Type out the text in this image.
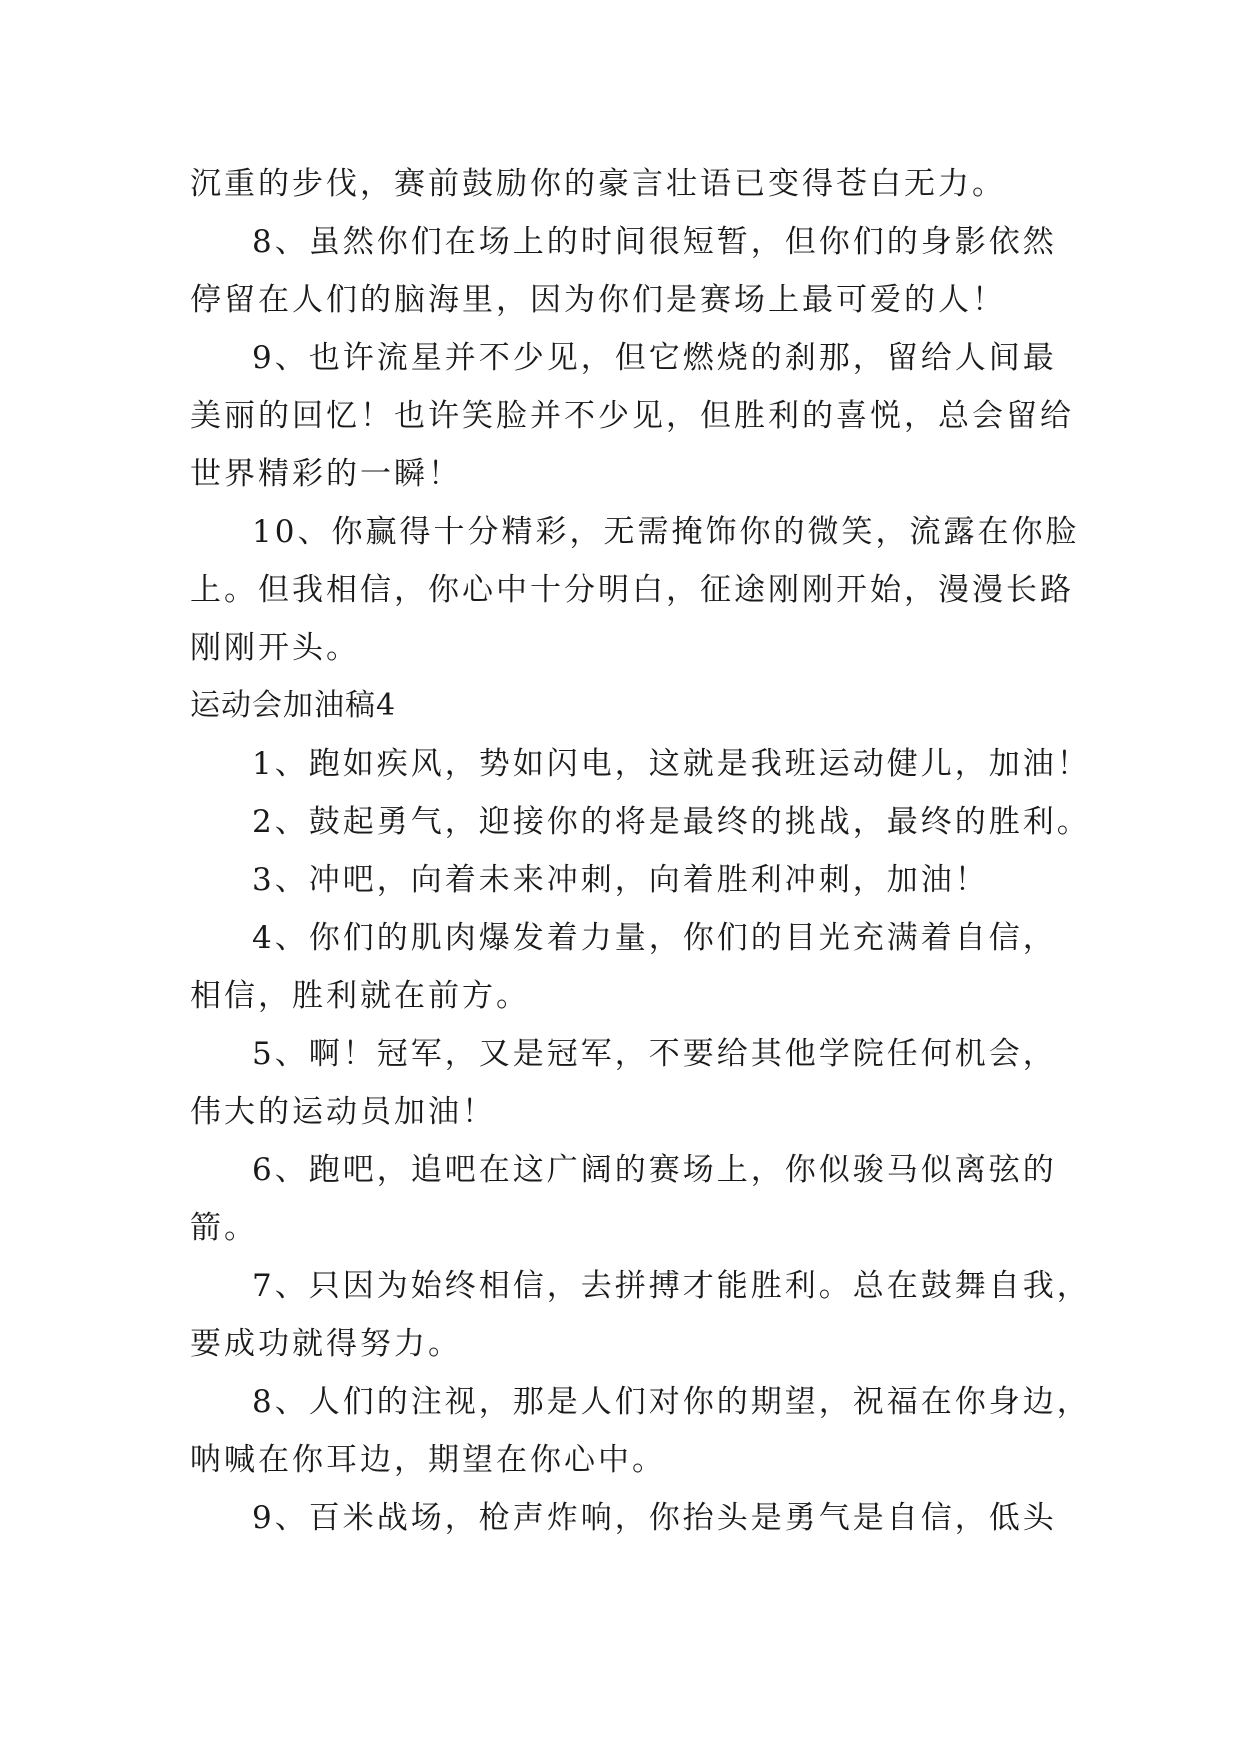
沉重的步伐，赛前鼓励你的豪言壮语已变得苍白无力。

8、虽然你们在场上的时间很短暂，但你们的身影依然
停留在人们的脑海里，因为你们是赛场上最可爱的人！

9、也许流星并不少见，但它燃烧的刹那，留给人间最
美丽的回忆！也许笑脸并不少见，但胜利的喜悦，总会留给
世界精彩的一瞬！

10、你赢得十分精彩，无需掩饰你的微笑，流露在你脸
上。但我相信，你心中十分明白，征途刚刚开始，漫漫长路
刚刚开头。

运动会加油稿4

1、跑如疾风，势如闪电，这就是我班运动健儿，加油！

2、鼓起勇气，迎接你的将是最终的挑战，最终的胜利。

3、冲吧，向着未来冲刺，向着胜利冲刺，加油！

4、你们的肌肉爆发着力量，你们的目光充满着自信，
相信，胜利就在前方。

5、啊！冠军，又是冠军，不要给其他学院任何机会，
伟大的运动员加油！

6、跑吧，追吧在这广阔的赛场上，你似骏马似离弦的
箭。

7、只因为始终相信，去拼搏才能胜利。总在鼓舞自我，
要成功就得努力。

8、人们的注视，那是人们对你的期望，祝福在你身边，
呐喊在你耳边，期望在你心中。

9、百米战场，枪声炸响，你抬头是勇气是自信，低头
